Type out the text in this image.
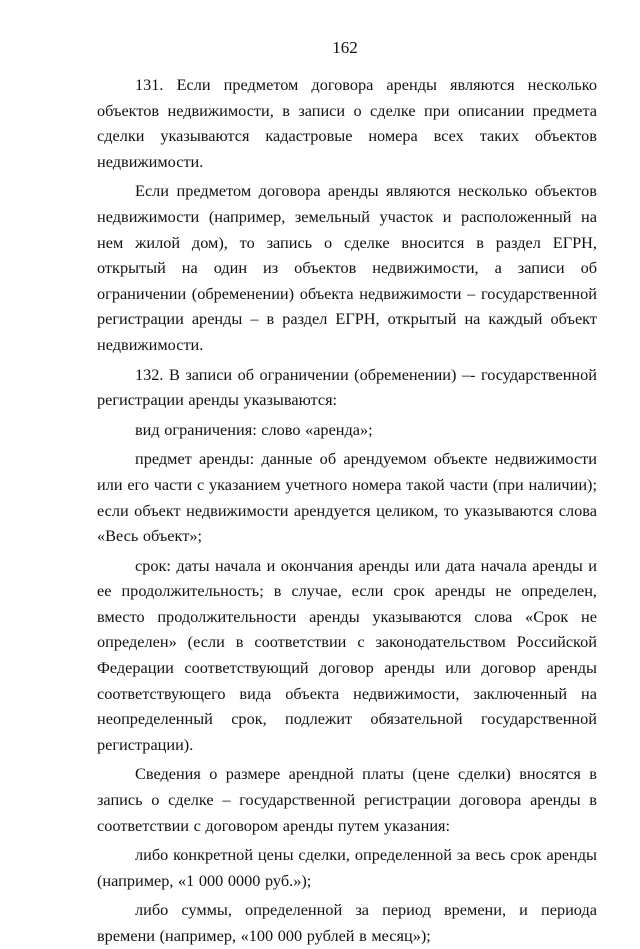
162

131. Если предметом договора аренды являются несколько объектов недвижимости, в записи о сделке при описании предмета сделки указываются кадастровые номера всех таких объектов недвижимости.

Если предметом договора аренды являются несколько объектов недвижимости (например, земельный участок и расположенный на нем жилой дом), то запись о сделке вносится в раздел ЕГРН, открытый на один из объектов недвижимости, а записи об ограничении (обременении) объекта недвижимости – государственной регистрации аренды – в раздел ЕГРН, открытый на каждый объект недвижимости.

132. В записи об ограничении (обременении) –- государственной регистрации аренды указываются:

вид ограничения: слово «аренда»;

предмет аренды: данные об арендуемом объекте недвижимости или его части с указанием учетного номера такой части (при наличии); если объект недвижимости арендуется целиком, то указываются слова «Весь объект»;

срок: даты начала и окончания аренды или дата начала аренды и ее продолжительность; в случае, если срок аренды не определен, вместо продолжительности аренды указываются слова «Срок не определен» (если в соответствии с законодательством Российской Федерации соответствующий договор аренды или договор аренды соответствующего вида объекта недвижимости, заключенный на неопределенный срок, подлежит обязательной государственной регистрации).

Сведения о размере арендной платы (цене сделки) вносятся в запись о сделке – государственной регистрации договора аренды в соответствии с договором аренды путем указания:

либо конкретной цены сделки, определенной за весь срок аренды (например, «1 000 0000 руб.»);

либо суммы, определенной за период времени, и периода времени (например, «100 000 рублей в месяц»);
